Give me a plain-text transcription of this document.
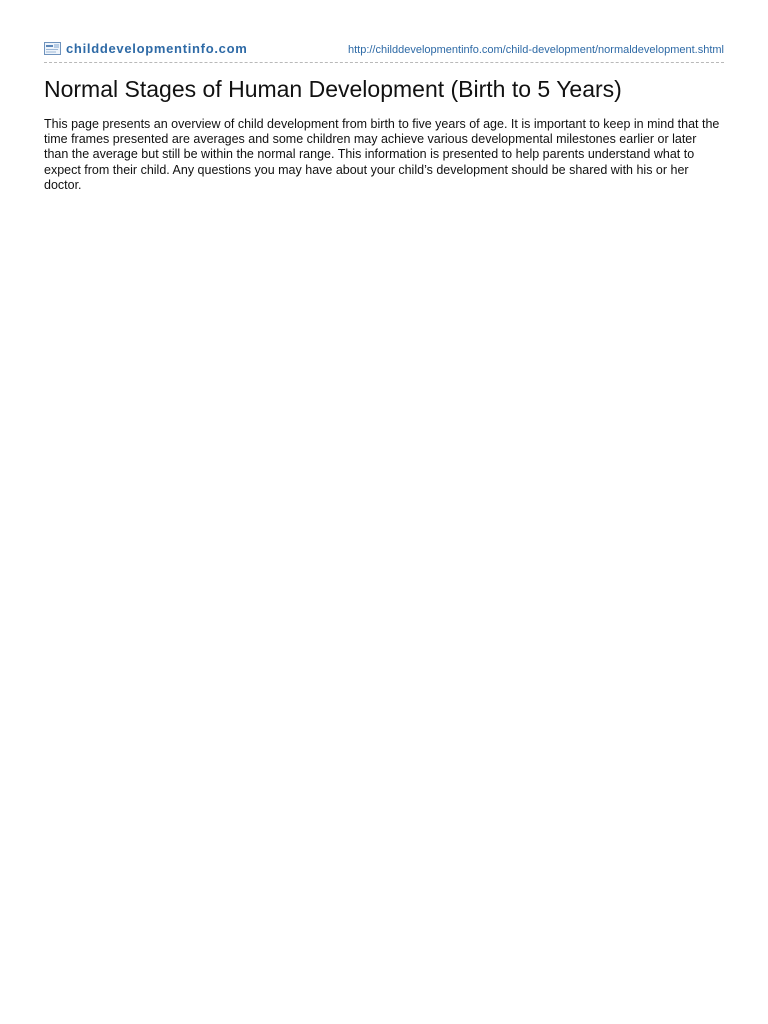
childdevelopmentinfo.com	http://childdevelopmentinfo.com/child-development/normaldevelopment.shtml
Normal Stages of Human Development (Birth to 5 Years)

This page presents an overview of child development from birth to five years of age. It is important to keep in mind that the time frames presented are averages and some children may achieve various developmental milestones earlier or later than the average but still be within the normal range. This information is presented to help parents understand what to expect from their child. Any questions you may have about your child’s development should be shared with his or her doctor.
